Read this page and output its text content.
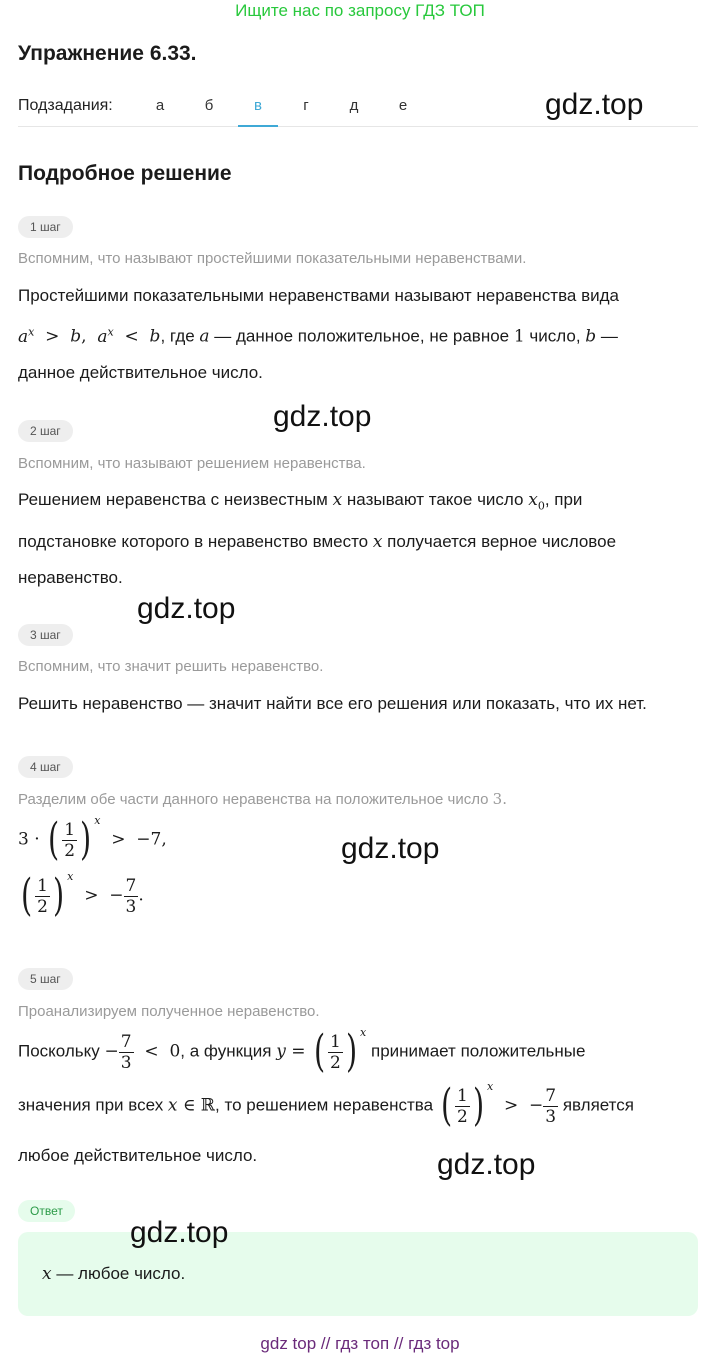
Ищите нас по запросу ГДЗ ТОП
Упражнение 6.33.
Подзадания:	а	б	в	г	д	е	gdz.top
Подробное решение
1 шаг
Вспомним, что называют простейшими показательными неравенствами.
Простейшими показательными неравенствами называют неравенства вида
$a^x > b$,  $a^x < b$, где a — данное положительное, не равное 1 число, b —
данное действительное число.
gdz.top
2 шаг
Вспомним, что называют решением неравенства.
Решением неравенства с неизвестным x называют такое число $x_0$, при
подстановке которого в неравенство вместо x получается верное числовое
неравенство.
gdz.top
3 шаг
Вспомним, что значит решить неравенство.
Решить неравенство — значит найти все его решения или показать, что их нет.
4 шаг
Разделим обе части данного неравенства на положительное число 3.
3 · ( $\frac{1}{2}$ ) $^x$  >  −7,
( $\frac{1}{2}$ ) $^x$  >  − $\frac{7}{3}$ .
gdz.top
5 шаг
Проанализируем полученное неравенство.
Поскольку − $\frac{7}{3} < 0$, а функция y = ( $\frac{1}{2}$ ) $^x$ принимает положительные
значения при всех x ∈ ℝ, то решением неравенства ( $\frac{1}{2}$ ) $^x$  >  − $\frac{7}{3}$ является
любое действительное число.	gdz.top
Ответ
x — любое число.
gdz.top
gdz top // гдз топ // гдз top
